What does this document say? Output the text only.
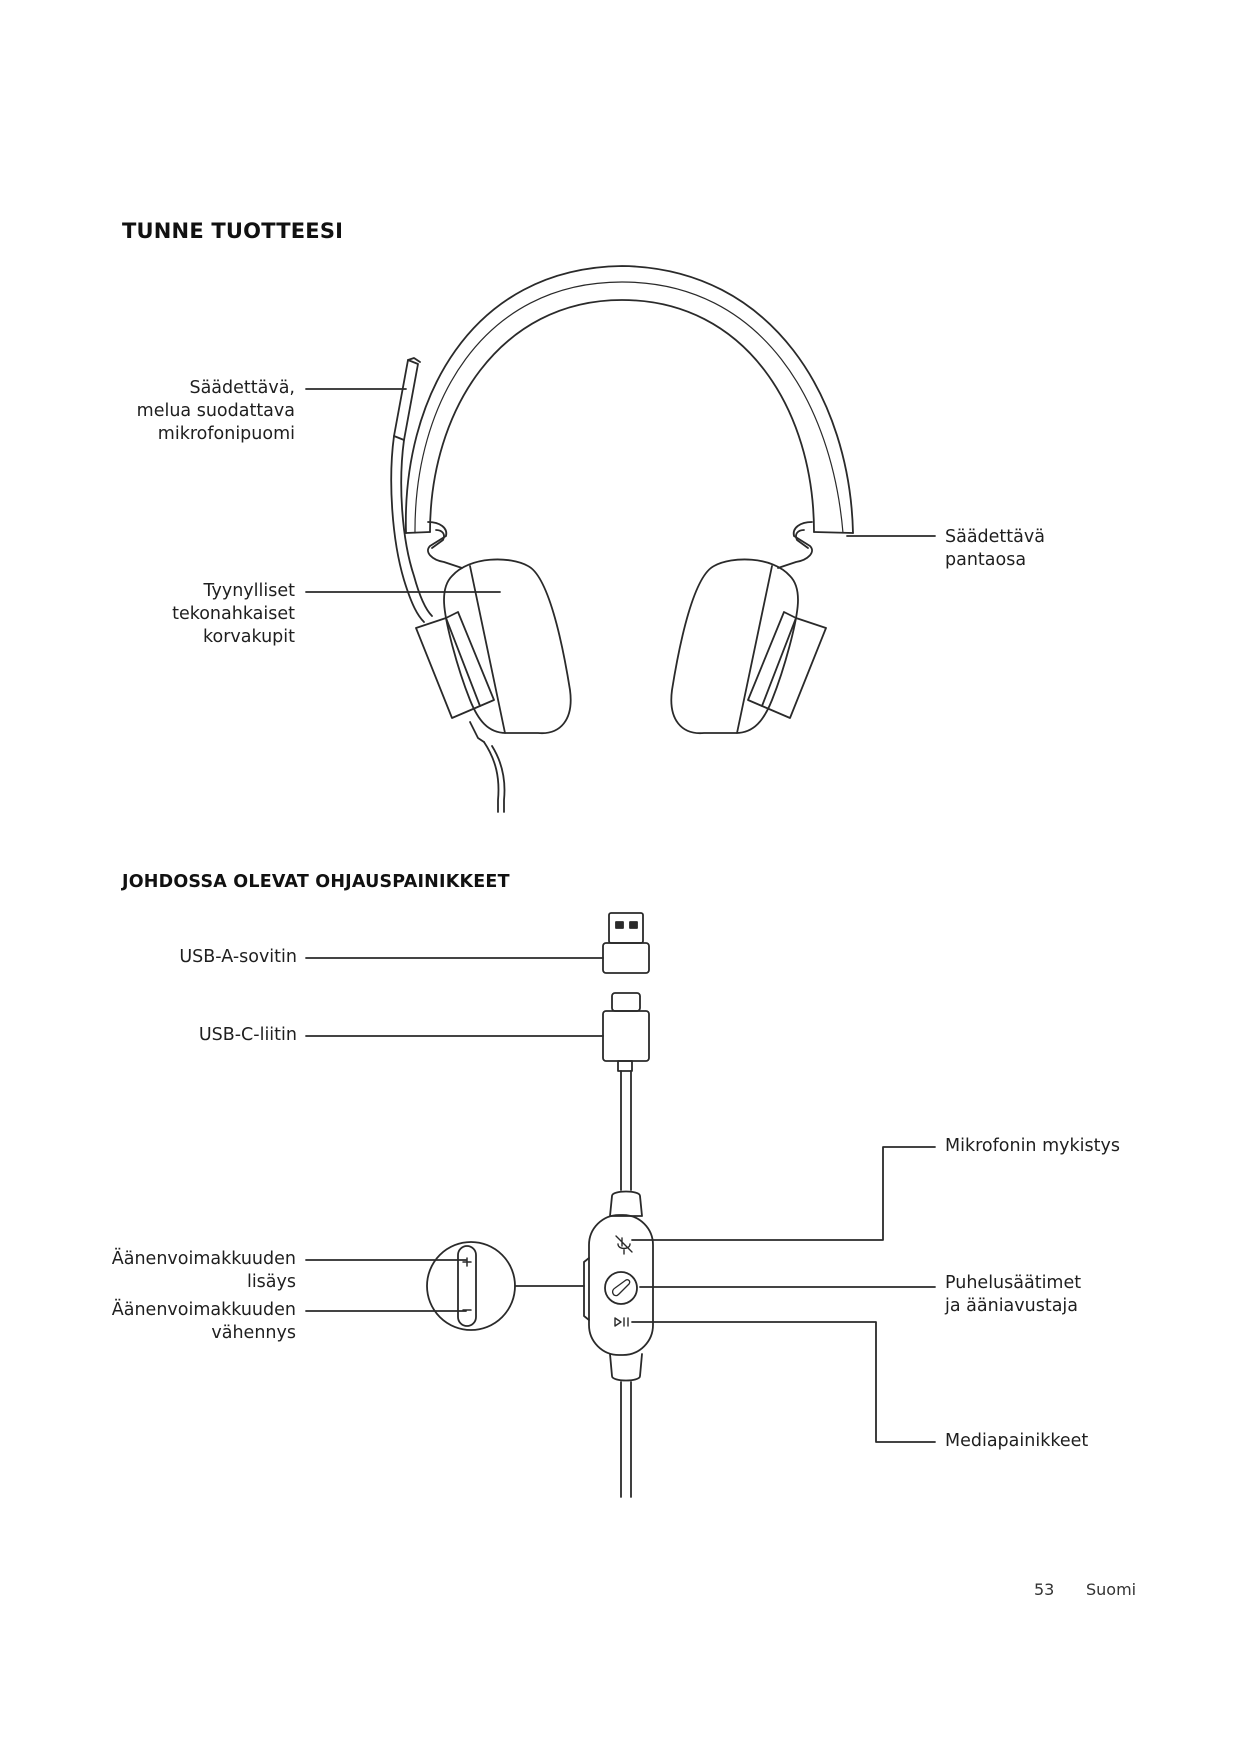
TUNNE TUOTTEESI
JOHDOSSA OLEVAT OHJAUSPAINIKKEET
Säädettävä,
melua suodattava
mikrofonipuomi
Tyynylliset
tekonahkaiset
korvakupit
Säädettävä
pantaosa
USB-A-sovitin
USB-C-liitin
Mikrofonin mykistys
Puhelusäätimet
ja ääniavustaja
Äänenvoimakkuuden
lisäys
Äänenvoimakkuuden
vähennys
Mediapainikkeet
53 Suomi
